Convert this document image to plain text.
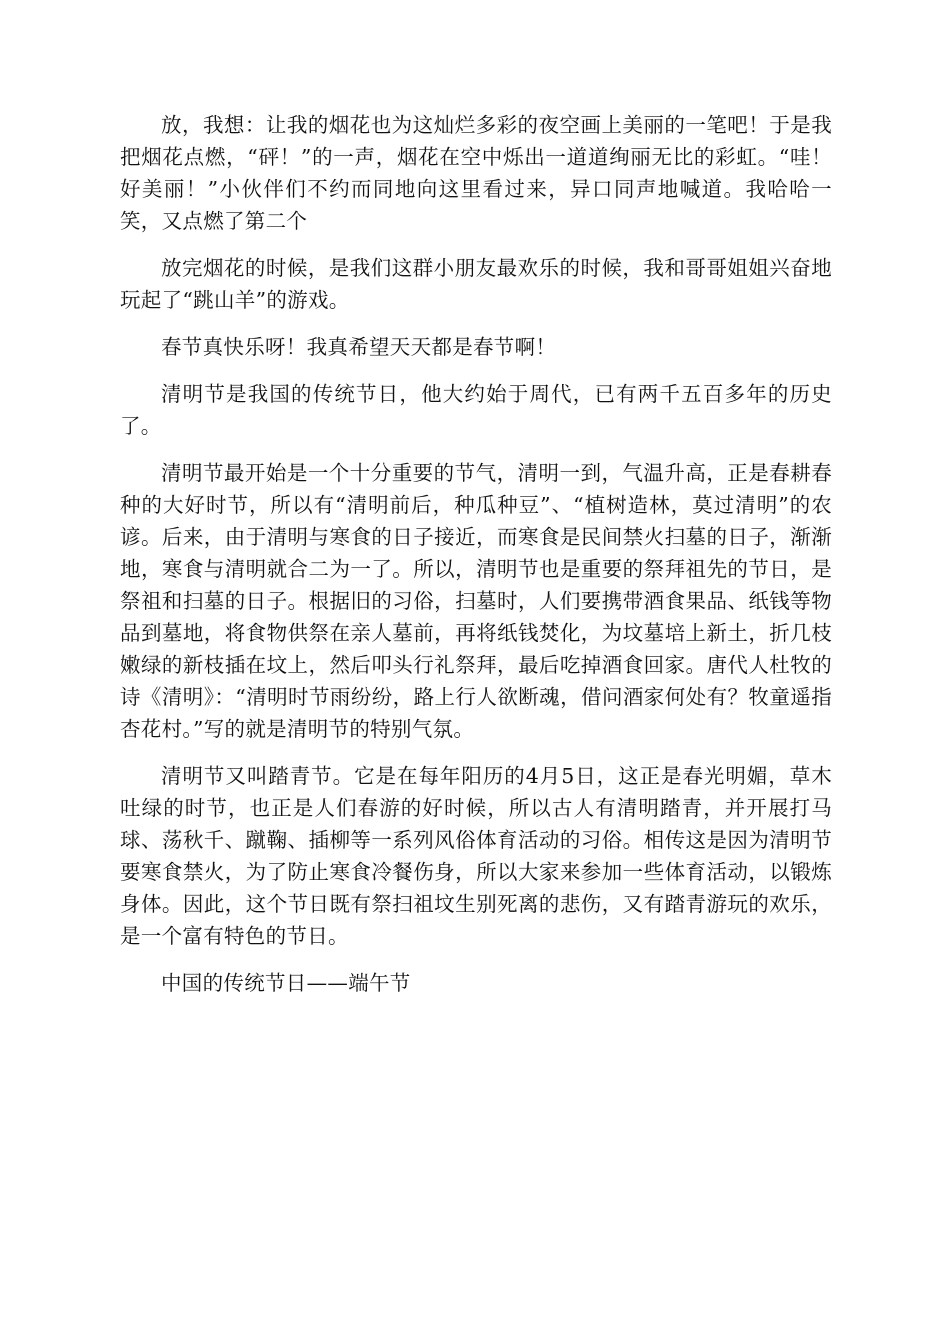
放，我想：让我的烟花也为这灿烂多彩的夜空画上美丽的一笔吧！于是我把烟花点燃，“砰！”的一声，烟花在空中烁出一道道绚丽无比的彩虹。“哇！好美丽！”小伙伴们不约而同地向这里看过来，异口同声地喊道。我哈哈一笑，又点燃了第二个

放完烟花的时候，是我们这群小朋友最欢乐的时候，我和哥哥姐姐兴奋地玩起了“跳山羊”的游戏。

春节真快乐呀！我真希望天天都是春节啊！

清明节是我国的传统节日，他大约始于周代，已有两千五百多年的历史了。

清明节最开始是一个十分重要的节气，清明一到，气温升高，正是春耕春种的大好时节，所以有“清明前后，种瓜种豆”、“植树造林，莫过清明”的农谚。后来，由于清明与寒食的日子接近，而寒食是民间禁火扫墓的日子，渐渐地，寒食与清明就合二为一了。所以，清明节也是重要的祭拜祖先的节日，是祭祖和扫墓的日子。根据旧的习俗，扫墓时，人们要携带酒食果品、纸钱等物品到墓地，将食物供祭在亲人墓前，再将纸钱焚化，为坟墓培上新土，折几枝嫩绿的新枝插在坟上，然后叩头行礼祭拜，最后吃掉酒食回家。唐代人杜牧的诗《清明》：“清明时节雨纷纷，路上行人欲断魂，借问酒家何处有？牧童遥指杏花村。”写的就是清明节的特别气氛。

清明节又叫踏青节。它是在每年阳历的4月5日，这正是春光明媚，草木吐绿的时节，也正是人们春游的好时候，所以古人有清明踏青，并开展打马球、荡秋千、蹴鞠、插柳等一系列风俗体育活动的习俗。相传这是因为清明节要寒食禁火，为了防止寒食冷餐伤身，所以大家来参加一些体育活动，以锻炼身体。因此，这个节日既有祭扫祖坟生别死离的悲伤，又有踏青游玩的欢乐，是一个富有特色的节日。

中国的传统节日——端午节
